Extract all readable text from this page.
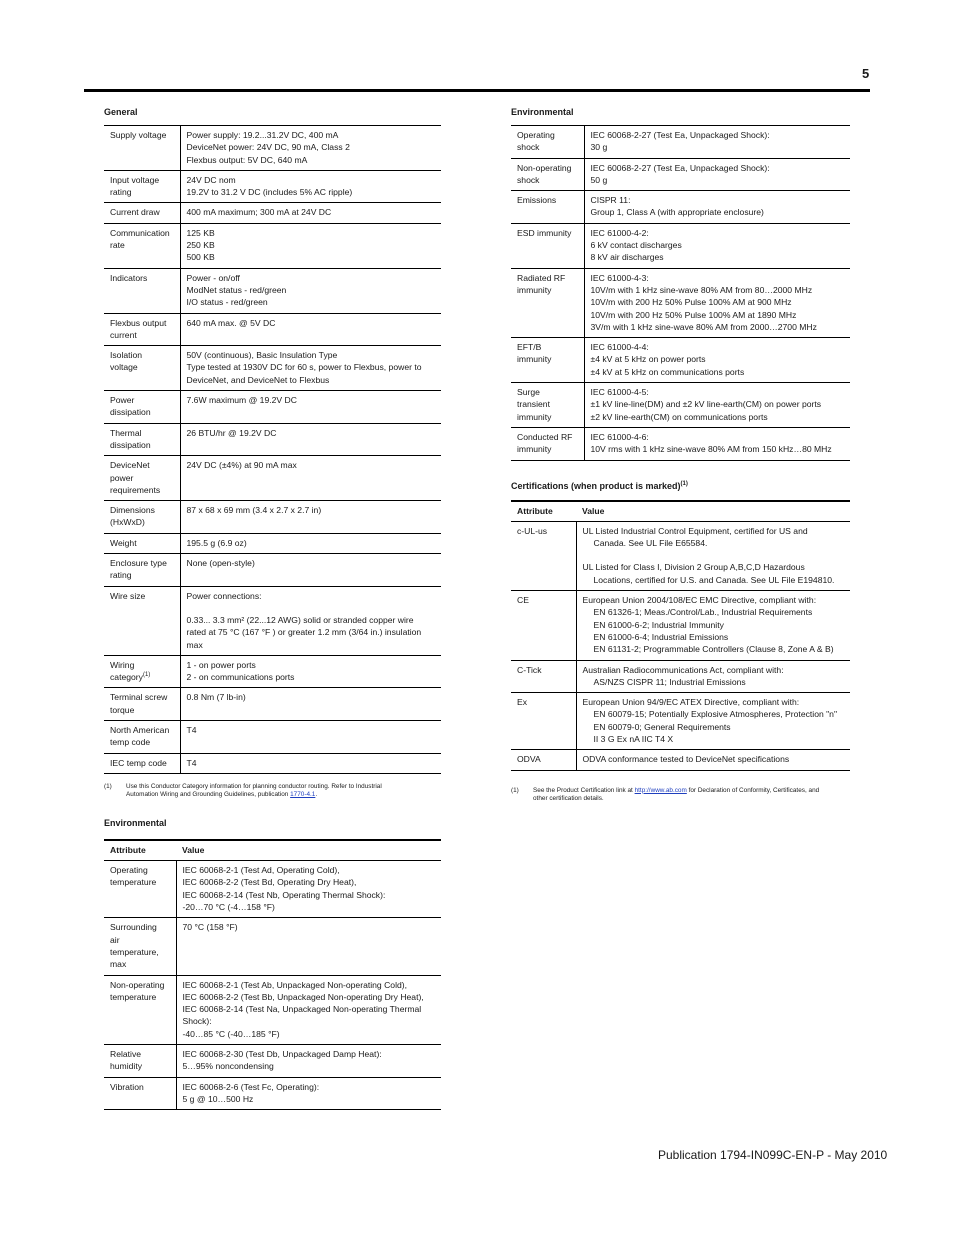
5
General
Supply voltage	Power supply: 19.2...31.2V DC, 400 mA
DeviceNet power: 24V DC, 90 mA, Class 2
Flexbus output: 5V DC, 640 mA

Input voltage
rating	24V DC nom
19.2V to 31.2 V DC (includes 5% AC ripple)

Current draw	400 mA maximum; 300 mA at 24V DC

Communication
rate	125 KB
250 KB
500 KB

Indicators	Power - on/off
ModNet status - red/green
I/O status - red/green

Flexbus output
current	640 mA max. @ 5V DC

Isolation
voltage	50V (continuous), Basic Insulation Type
Type tested at 1930V DC for 60 s, power to Flexbus, power to
DeviceNet, and DeviceNet to Flexbus

Power
dissipation	7.6W maximum @ 19.2V DC

Thermal
dissipation	26 BTU/hr @ 19.2V DC

DeviceNet
power
requirements	24V DC (±4%) at 90 mA max

Dimensions
(HxWxD)	87 x 68 x 69 mm (3.4 x 2.7 x 2.7 in)

Weight	195.5 g (6.9 oz)

Enclosure type
rating	None (open-style)

Wire size	Power connections:
0.33... 3.3 mm² (22...12 AWG) solid or stranded copper wire
rated at 75 °C (167 °F ) or greater 1.2 mm (3/64 in.) insulation
max

Wiring
category$^{(1)}$	1 - on power ports
2 - on communications ports

Terminal screw
torque	0.8 Nm (7 lb-in)

North American
temp code	T4

IEC temp code	T4
(1)	Use this Conductor Category information for planning conductor routing. Refer to Industrial
Automation Wiring and Grounding Guidelines, publication 1770-4.1.
Environmental
Attribute	Value

Operating
temperature	IEC 60068-2-1 (Test Ad, Operating Cold),
IEC 60068-2-2 (Test Bd, Operating Dry Heat),
IEC 60068-2-14 (Test Nb, Operating Thermal Shock):
-20…70 °C (-4…158 °F)

Surrounding
air
temperature,
max	70 °C (158 °F)

Non-operating
temperature	IEC 60068-2-1 (Test Ab, Unpackaged Non-operating Cold),
IEC 60068-2-2 (Test Bb, Unpackaged Non-operating Dry Heat),
IEC 60068-2-14 (Test Na, Unpackaged Non-operating Thermal
Shock):
-40…85 °C (-40…185 °F)

Relative
humidity	IEC 60068-2-30 (Test Db, Unpackaged Damp Heat):
5…95% noncondensing

Vibration	IEC 60068-2-6 (Test Fc, Operating):
5 g @ 10…500 Hz
Environmental
Operating
shock	IEC 60068-2-27 (Test Ea, Unpackaged Shock):
30 g

Non-operating
shock	IEC 60068-2-27 (Test Ea, Unpackaged Shock):
50 g

Emissions	CISPR 11:
Group 1, Class A (with appropriate enclosure)

ESD immunity	IEC 61000-4-2:
6 kV contact discharges
8 kV air discharges

Radiated RF
immunity	IEC 61000-4-3:
10V/m with 1 kHz sine-wave 80% AM from 80…2000 MHz
10V/m with 200 Hz 50% Pulse 100% AM at 900 MHz
10V/m with 200 Hz 50% Pulse 100% AM at 1890 MHz
3V/m with 1 kHz sine-wave 80% AM from 2000…2700 MHz

EFT/B
immunity	IEC 61000-4-4:
±4 kV at 5 kHz on power ports
±4 kV at 5 kHz on communications ports

Surge
transient
immunity	IEC 61000-4-5:
±1 kV line-line(DM) and ±2 kV line-earth(CM) on power ports
±2 kV line-earth(CM) on communications ports

Conducted RF
immunity	IEC 61000-4-6:
10V rms with 1 kHz sine-wave 80% AM from 150 kHz…80 MHz
Certifications (when product is marked)$^{(1)}$
Attribute	Value
c-UL-us	UL Listed Industrial Control Equipment, certified for US and
Canada. See UL File E65584.
UL Listed for Class I, Division 2 Group A,B,C,D Hazardous
Locations, certified for U.S. and Canada. See UL File E194810.

CE	European Union 2004/108/EC EMC Directive, compliant with:
EN 61326-1; Meas./Control/Lab., Industrial Requirements
EN 61000-6-2; Industrial Immunity
EN 61000-6-4; Industrial Emissions
EN 61131-2; Programmable Controllers (Clause 8, Zone A & B)

C-Tick	Australian Radiocommunications Act, compliant with:
AS/NZS CISPR 11; Industrial Emissions

Ex	European Union 94/9/EC ATEX Directive, compliant with:
EN 60079-15; Potentially Explosive Atmospheres, Protection "n"
EN 60079-0; General Requirements
II 3 G Ex nA IIC T4 X

ODVA	ODVA conformance tested to DeviceNet specifications
(1)	See the Product Certification link at http://www.ab.com for Declaration of Conformity, Certificates, and
other certification details.
Publication 1794-IN099C-EN-P - May 2010
